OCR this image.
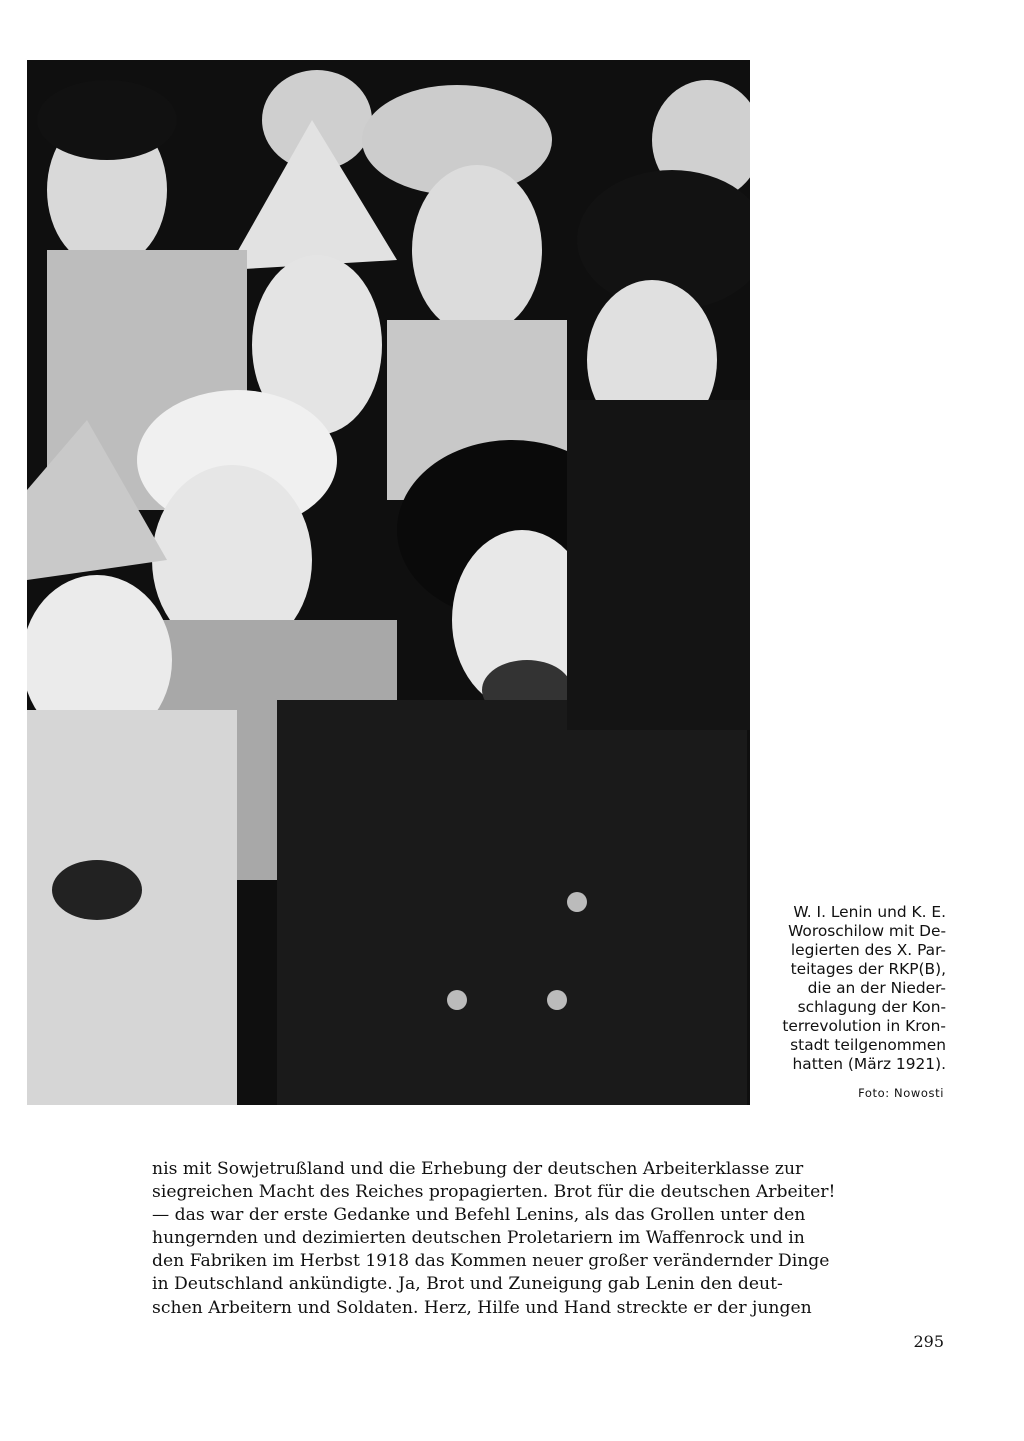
W. I. Lenin und K. E.
Woroschilow mit De-
legierten des X. Par-
teitages der RKP(B),
die an der Nieder-
schlagung der Kon-
terrevolution in Kron-
stadt teilgenommen
hatten (März 1921).
Foto: Nowosti
nis mit Sowjetrußland und die Erhebung der deutschen Arbeiterklasse zur
siegreichen Macht des Reiches propagierten. Brot für die deutschen Arbeiter!
— das war der erste Gedanke und Befehl Lenins, als das Grollen unter den
hungernden und dezimierten deutschen Proletariern im Waffenrock und in
den Fabriken im Herbst 1918 das Kommen neuer großer verändernder Dinge
in Deutschland ankündigte. Ja, Brot und Zuneigung gab Lenin den deut-
schen Arbeitern und Soldaten. Herz, Hilfe und Hand streckte er der jungen
295
